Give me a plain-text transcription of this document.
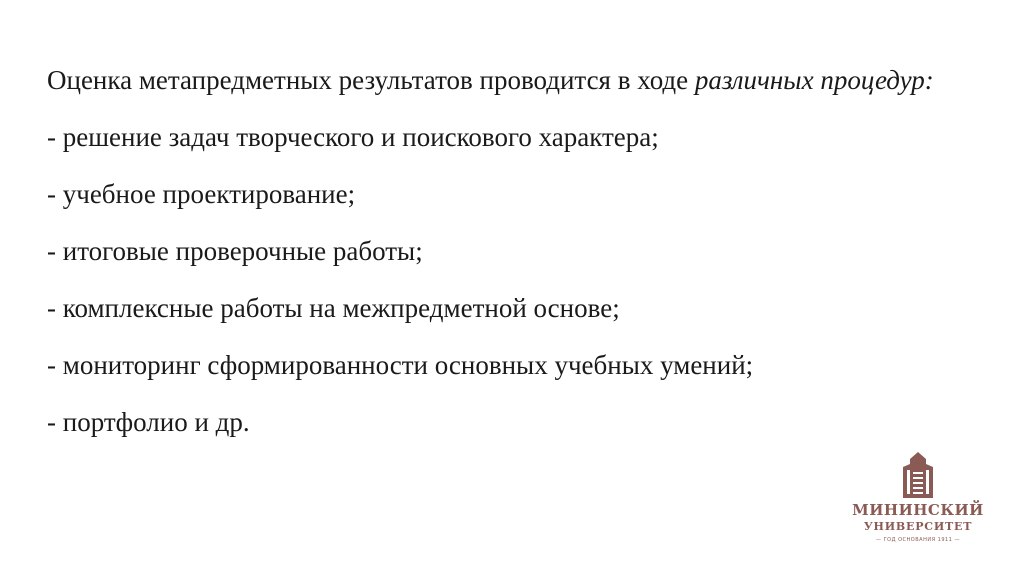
Оценка метапредметных результатов проводится в ходе различных процедур:

- решение задач творческого и поискового характера;
- учебное проектирование;
- итоговые проверочные работы;
- комплексные работы на межпредметной основе;
- мониторинг сформированности основных учебных умений;
- портфолио и др.
МИНИНСКИЙ
УНИВЕРСИТЕТ
— ГОД ОСНОВАНИЯ 1911 —
